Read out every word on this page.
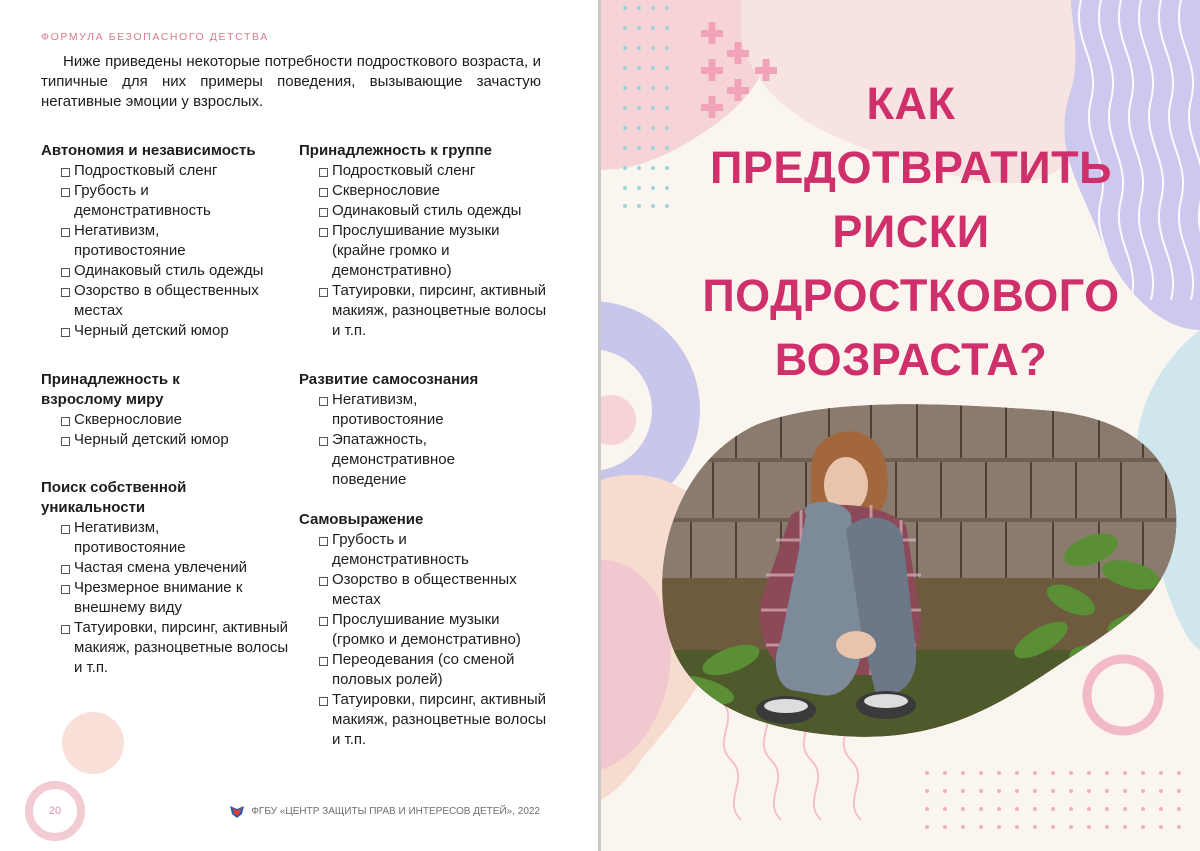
ФОРМУЛА БЕЗОПАСНОГО ДЕТСТВА

Ниже приведены некоторые потребности подросткового возраста, и типичные для них примеры поведения, вызывающие зачастую негативные эмоции у взрослых.

Автономия и независимость
Подростковый сленг
Грубость и демонстративность
Негативизм, противостояние
Одинаковый стиль одежды
Озорство в общественных местах
Черный детский юмор
Принадлежность к взрослому миру
Сквернословие
Черный детский юмор
Поиск собственной уникальности
Негативизм, противостояние
Частая смена увлечений
Чрезмерное внимание к внешнему виду
Татуировки, пирсинг, активный макияж, разноцветные волосы и т.п.
Принадлежность к группе
Подростковый сленг
Сквернословие
Одинаковый стиль одежды
Прослушивание музыки (крайне громко и демонстративно)
Татуировки, пирсинг, активный макияж, разноцветные волосы и т.п.
Развитие самосознания
Негативизм, противостояние
Эпатажность, демонстративное поведение
Самовыражение
Грубость и демонстративность
Озорство в общественных местах
Прослушивание музыки (громко и демонстративно)
Переодевания (со сменой половых ролей)
Татуировки, пирсинг, активный макияж, разноцветные волосы и т.п.
20	ФГБУ «ЦЕНТР ЗАЩИТЫ ПРАВ И ИНТЕРЕСОВ ДЕТЕЙ», 2022
КАК
ПРЕДОТВРАТИТЬ
РИСКИ
ПОДРОСТКОВОГО
ВОЗРАСТА?
